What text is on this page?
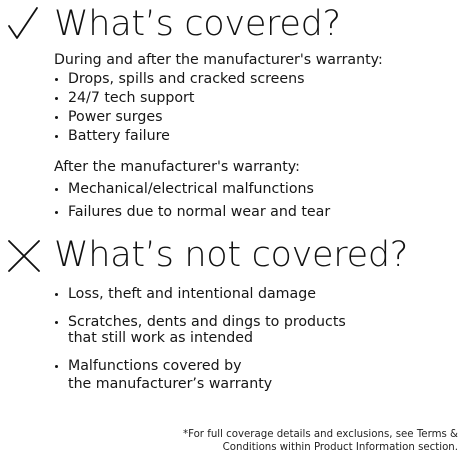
What’s covered?
During and after the manufacturer's warranty:
Drops, spills and cracked screens
24/7 tech support
Power surges
Battery failure
After the manufacturer's warranty:
Mechanical/electrical malfunctions
Failures due to normal wear and tear
What’s not covered?
Loss, theft and intentional damage
Scratches, dents and dings to products
that still work as intended
Malfunctions covered by
the manufacturer’s warranty
*For full coverage details and exclusions, see Terms &
Conditions within Product Information section.
